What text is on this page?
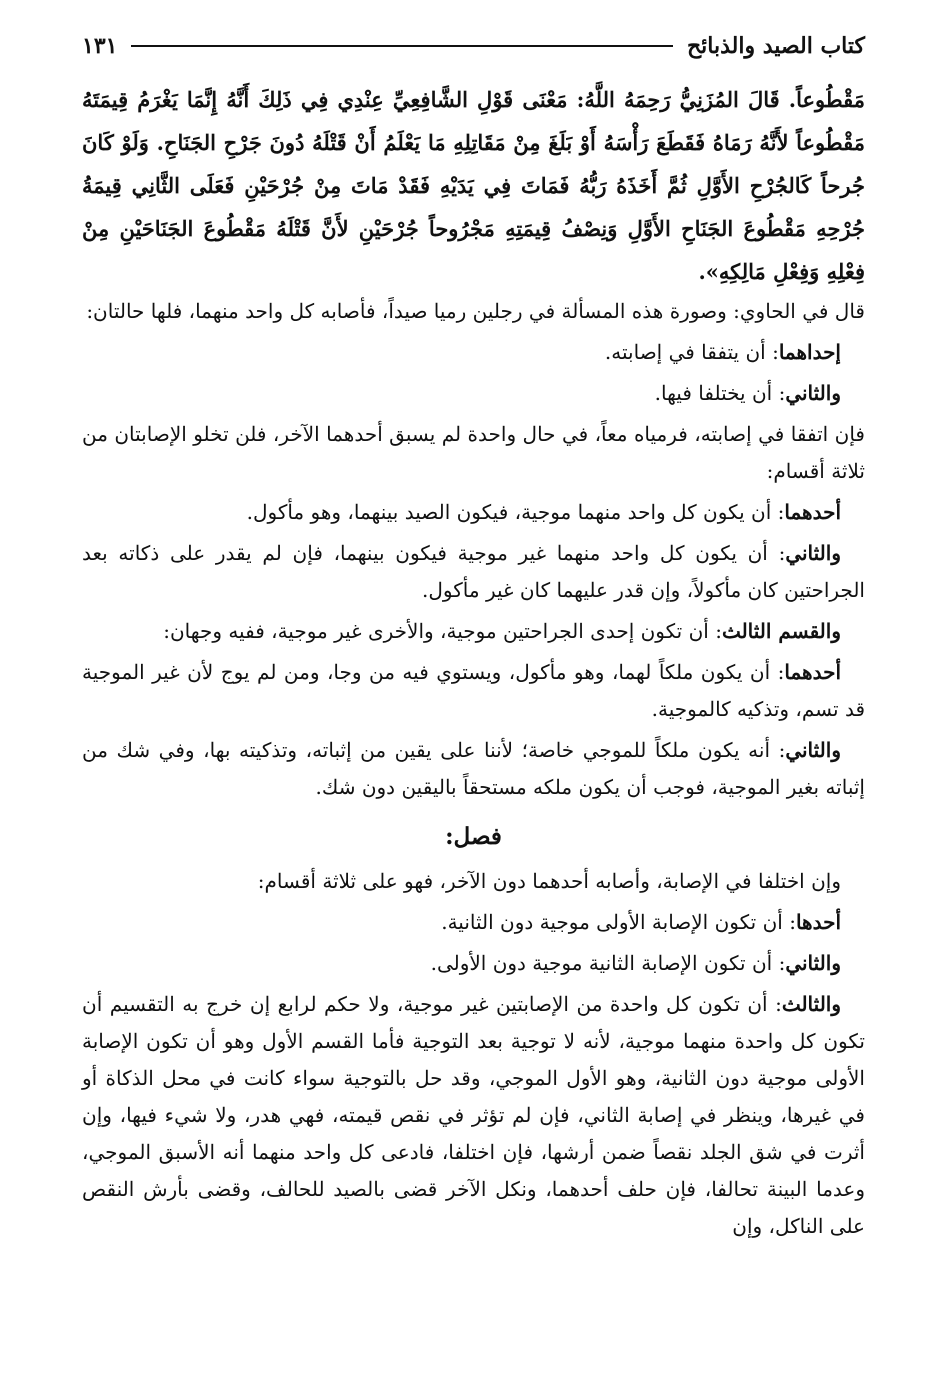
كتاب الصيد والذبائح
١٣١
مَقْطُوعاً. قَالَ المُزَنِيُّ رَحِمَهُ اللَّهُ: مَعْنَى قَوْلِ الشَّافِعِيِّ عِنْدِي فِي ذَلِكَ أَنَّهُ إِنَّمَا يَغْرَمُ قِيمَتَهُ مَقْطُوعاً لأَنَّهُ رَمَاهُ فَقَطَعَ رَأْسَهُ أَوْ بَلَغَ مِنْ مَقَاتِلِهِ مَا يَعْلَمُ أَنْ قَتْلَهُ دُونَ جَرْحِ الجَنَاحِ. وَلَوْ كَانَ جُرحاً كَالجُرْحِ الأَوَّلِ ثُمَّ أَخَذَهُ رَبُّهُ فَمَاتَ فِي يَدَيْهِ فَقَدْ مَاتَ مِنْ جُرْحَيْنِ فَعَلَى الثَّانِي قِيمَةُ جُرْحِهِ مَقْطُوعَ الجَنَاحِ الأَوَّلِ وَنِصْفُ قِيمَتِهِ مَجْرُوحاً جُرْحَيْنِ لأَنَّ قَتْلَهُ مَقْطُوعَ الجَنَاحَيْنِ مِنْ فِعْلِهِ وَفِعْلِ مَالِكِهِ».

قال في الحاوي: وصورة هذه المسألة في رجلين رميا صيداً، فأصابه كل واحد منهما، فلها حالتان:

إحداهما: أن يتفقا في إصابته.

والثاني: أن يختلفا فيها.

فإن اتفقا في إصابته، فرمياه معاً، في حال واحدة لم يسبق أحدهما الآخر، فلن تخلو الإصابتان من ثلاثة أقسام:

أحدهما: أن يكون كل واحد منهما موجية، فيكون الصيد بينهما، وهو مأكول.

والثاني: أن يكون كل واحد منهما غير موجية فيكون بينهما، فإن لم يقدر على ذكاته بعد الجراحتين كان مأكولاً، وإن قدر عليهما كان غير مأكول.

والقسم الثالث: أن تكون إحدى الجراحتين موجية، والأخرى غير موجية، ففيه وجهان:

أحدهما: أن يكون ملكاً لهما، وهو مأكول، ويستوي فيه من وجا، ومن لم يوج لأن غير الموجية قد تسم، وتذكيه كالموجية.

والثاني: أنه يكون ملكاً للموجي خاصة؛ لأننا على يقين من إثباته، وتذكيته بها، وفي شك من إثباته بغير الموجية، فوجب أن يكون ملكه مستحقاً باليقين دون شك.

فصل:

وإن اختلفا في الإصابة، وأصابه أحدهما دون الآخر، فهو على ثلاثة أقسام:

أحدها: أن تكون الإصابة الأولى موجية دون الثانية.

والثاني: أن تكون الإصابة الثانية موجية دون الأولى.

والثالث: أن تكون كل واحدة من الإصابتين غير موجية، ولا حكم لرابع إن خرج به التقسيم أن تكون كل واحدة منهما موجية، لأنه لا توجية بعد التوجية فأما القسم الأول وهو أن تكون الإصابة الأولى موجية دون الثانية، وهو الأول الموجي، وقد حل بالتوجية سواء كانت في محل الذكاة أو في غيرها، وينظر في إصابة الثاني، فإن لم تؤثر في نقص قيمته، فهي هدر، ولا شيء فيها، وإن أثرت في شق الجلد نقصاً ضمن أرشها، فإن اختلفا، فادعى كل واحد منهما أنه الأسبق الموجي، وعدما البينة تحالفا، فإن حلف أحدهما، ونكل الآخر قضى بالصيد للحالف، وقضى بأرش النقص على الناكل، وإن
